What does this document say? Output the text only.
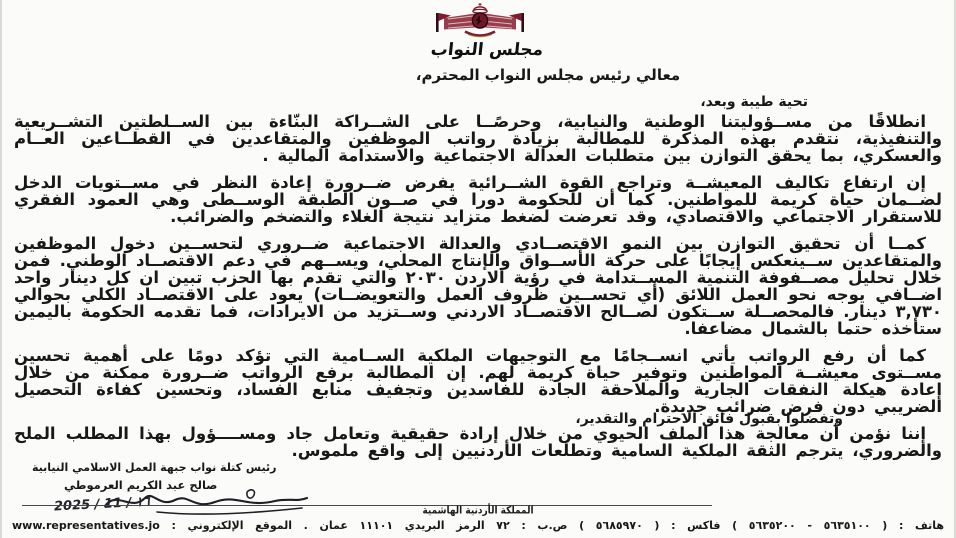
مجلس النواب
معالي رئيس مجلس النواب المحترم،
تحية طيبة وبعد،

انطلاقًا من مســؤوليتنا الوطنية والنيابية، وحرصًــا على الشــراكة البنّاءة بين الســلطتين التشــريعية والتنفيذية، نتقدم بهذه المذكرة للمطالبة بزيادة رواتب الموظفين والمتقاعدين في القطــاعين العــام والعسكري، بما يحقق التوازن بين متطلبات العدالة الاجتماعية والاستدامة المالية .

إن ارتفاع تكاليف المعيشــة وتراجع القوة الشــرائية يفرض ضــرورة إعادة النظر في مســتويات الدخل لضــمان حياة كريمة للمواطنين. كما أن للحكومة دورا في صــون الطبقة الوســطى وهي العمود الفقري للاستقرار الاجتماعي والاقتصادي، وقد تعرضت لضغط متزايد نتيجة الغلاء والتضخم والضرائب.

كمــا أن تحقيق التوازن بين النمو الاقتصــادي والعدالة الاجتماعية ضــروري لتحســين دخول الموظفين والمتقاعدين ســينعكس إيجابًا على حركة الأســواق والإنتاج المحلي، ويســهم في دعم الاقتصــاد الوطني. فمن خلال تحليل مصــفوفة التنمية المســتدامة في رؤية الاردن ٢٠٣٠ والتي تقدم بها الحزب تبين ان كل دينار واحد اضــافي يوجه نحو العمل اللائق (أي تحســين ظروف العمل والتعويضــات) يعود على الاقتصــاد الكلي بحوالي ٣,٧٣٠ دينار. فالمحصــلة ســتكون لصــالح الاقتصــاد الاردني وســتزيد من الايرادات، فما تقدمه الحكومة باليمين ستأخذه حتما بالشمال مضاعفا.

كما أن رفع الرواتب يأتي انســجامًا مع التوجيهات الملكية الســامية التي تؤكد دومًا على أهمية تحسين مســتوى معيشــة المواطنين وتوفير حياة كريمة لهم. إن المطالبة برفع الرواتب ضــرورة ممكنة من خلال إعادة هيكلة النفقات الجارية والملاحقة الجادة للفاسدين وتجفيف منابع الفساد، وتحسين كفاءة التحصيل الضريبي دون فرض ضرائب جديدة.

إننا نؤمن أن معالجة هذا الملف الحيوي من خلال إرادة حقيقية وتعامل جاد ومســــؤول بهذا المطلب الملح والضروري، يترجم الثقة الملكية السامية وتطلعات الأردنيين إلى واقع ملموس.

وتفضلوا بقبول فائق الاحترام والتقدير،
رئيس كتلة نواب جبهة العمل الاسلامي النيابية
صالح عبد الكريم العرموطي
2025 / 11 / ١٦
المملكة الأردنية الهاشمية
هاتف : ( ٥٦٣٥١٠٠ - ٥٦٣٥٢٠٠ ) فاكس : ( ٥٦٨٥٩٧٠ ) ص.ب : ٧٢ الرمز البريدي ١١١٠١ عمان . الموقع الإلكتروني : www.representatives.jo
